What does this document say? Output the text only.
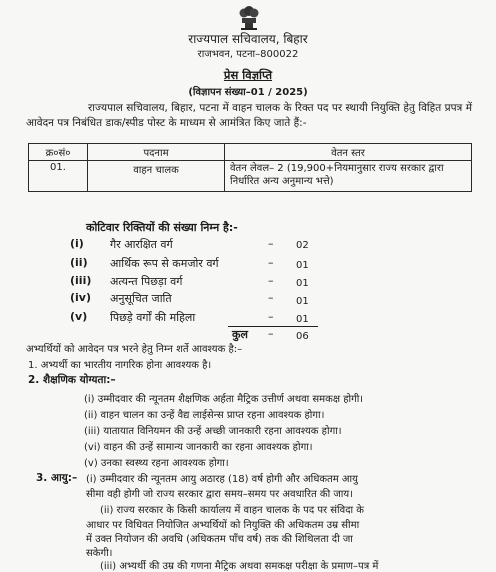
राज्यपाल सचिवालय, बिहार
राजभवन, पटना–800022
प्रेस विज्ञप्ति
(विज्ञापन संख्या–01 / 2025)
राज्यपाल सचिवालय, बिहार, पटना में वाहन चालक के रिक्त पद पर स्थायी नियुक्ति हेतु विहित प्रपत्र में आवेदन पत्र निबंधित डाक/स्पीड पोस्ट के माध्यम से आमंत्रित किए जाते हैं:-
क्र०सं०	पदनाम	वेतन स्तर
01.	वाहन चालक	वेतन लेवल– 2 (19,900+नियमानुसार राज्य सरकार द्वारा निर्धारित अन्य अनुमान्य भत्ते)
कोटिवार रिक्तियों की संख्या निम्न है:-
(i) गैर आरक्षित वर्ग	– 02
(ii) आर्थिक रूप से कमजोर वर्ग	– 01
(iii) अत्यन्त पिछड़ा वर्ग	– 01
(iv) अनुसूचित जाति	– 01
(v) पिछड़े वर्गों की महिला	– 01
कुल – 06
अभ्यर्थियों को आवेदन पत्र भरने हेतु निम्न शर्ते आवश्यक है:–
1. अभ्यर्थी का भारतीय नागरिक होना आवश्यक है।
2. शैक्षणिक योग्यता:–
(i) उम्मीदवार की न्यूनतम शैक्षणिक अर्हता मैट्रिक उत्तीर्ण अथवा समकक्ष होगी।
(ii) वाहन चालन का उन्हें वैद्य लाईसेन्स प्राप्त रहना आवश्यक होगा।
(iii) यातायात विनियमन की उन्हें अच्छी जानकारी रहना आवश्यक होगा।
(vi) वाहन की उन्हें सामान्य जानकारी का रहना आवश्यक होगा।
(v) उनका स्वस्थ्य रहना आवश्यक होगा।
3. आयु:– (i) उम्मीदवार की न्यूनतम आयु अठारह (18) वर्ष होगी और अधिकतम आयु
सीमा वही होगी जो राज्य सरकार द्वारा समय–समय पर अवधारित की जाय।
(ii) राज्य सरकार के किसी कार्यालय में वाहन चालक के पद पर संविदा के
आधार पर विधिवत नियोजित अभ्यर्थियों को नियुक्ति की अधिकतम उम्र सीमा
में उक्त नियोजन की अवधि (अधिकतम पाँच वर्ष) तक की शिथिलता दी जा
सकेगी।
(iii) अभ्यर्थी की उम्र की गणना मैट्रिक अथवा समकक्ष परीक्षा के प्रमाण–पत्र में
